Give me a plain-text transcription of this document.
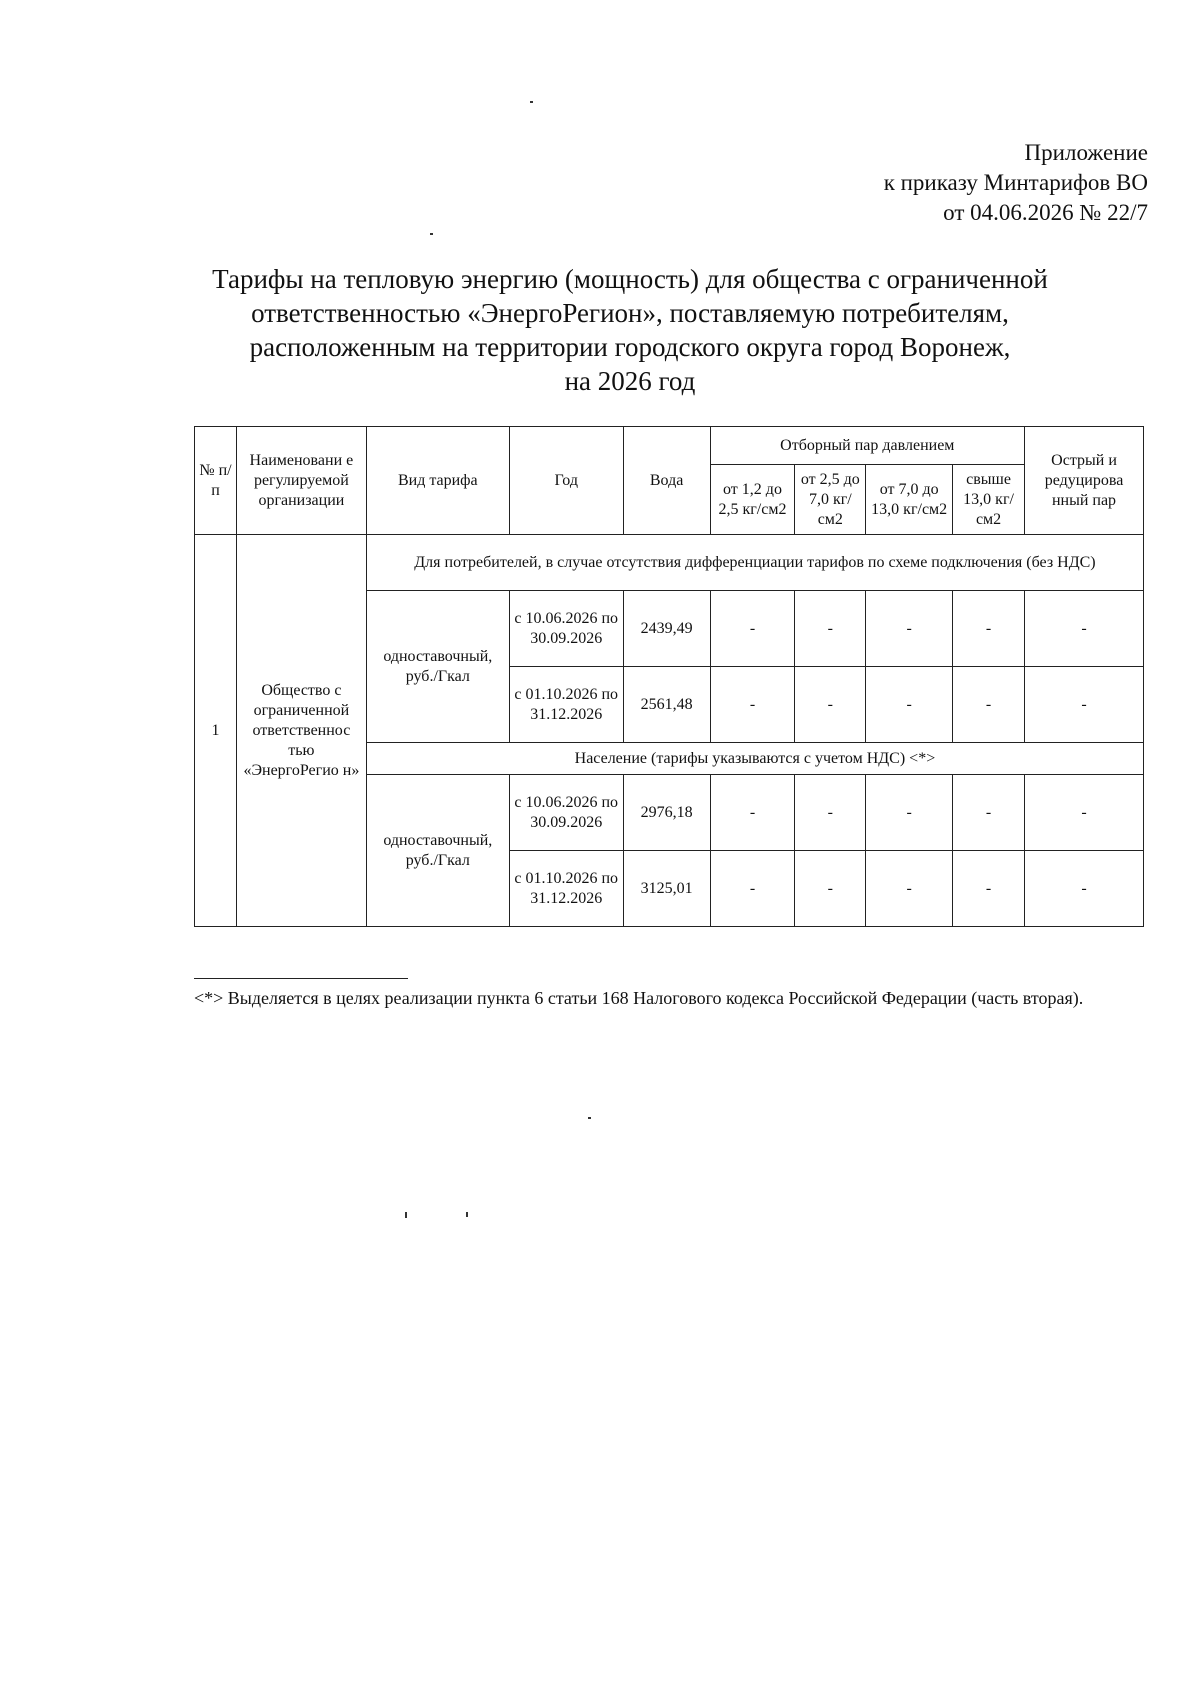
Приложение
к приказу Минтарифов ВО
от 04.06.2026 № 22/7
Тарифы на тепловую энергию (мощность) для общества с ограниченной
ответственностью «ЭнергоРегион», поставляемую потребителям,
расположенным на территории городского округа город Воронеж,
на 2026 год
№ п/п	Наименовани е регулируемой организации	Вид тарифа	Год	Вода	Отборный пар давлением				Острый и редуцирова нный пар
					от 1,2 до 2,5 кг/см2	от 2,5 до 7,0 кг/см2	от 7,0 до 13,0 кг/см2	свыше 13,0 кг/см2	
1	Общество с ограниченной ответственнос тью «ЭнергоРегио н»	Для потребителей, в случае отсутствия дифференциации тарифов по схеме подключения (без НДС)							
		одноставочный, руб./Гкал	с 10.06.2026 по 30.09.2026	2439,49	-	-	-	-	-
			с 01.10.2026 по 31.12.2026	2561,48	-	-	-	-	-
		Население (тарифы указываются с учетом НДС) <*>							
		одноставочный, руб./Гкал	с 10.06.2026 по 30.09.2026	2976,18	-	-	-	-	-
			с 01.10.2026 по 31.12.2026	3125,01	-	-	-	-	-
<*> Выделяется в целях реализации пункта 6 статьи 168 Налогового кодекса Российской Федерации (часть вторая).
